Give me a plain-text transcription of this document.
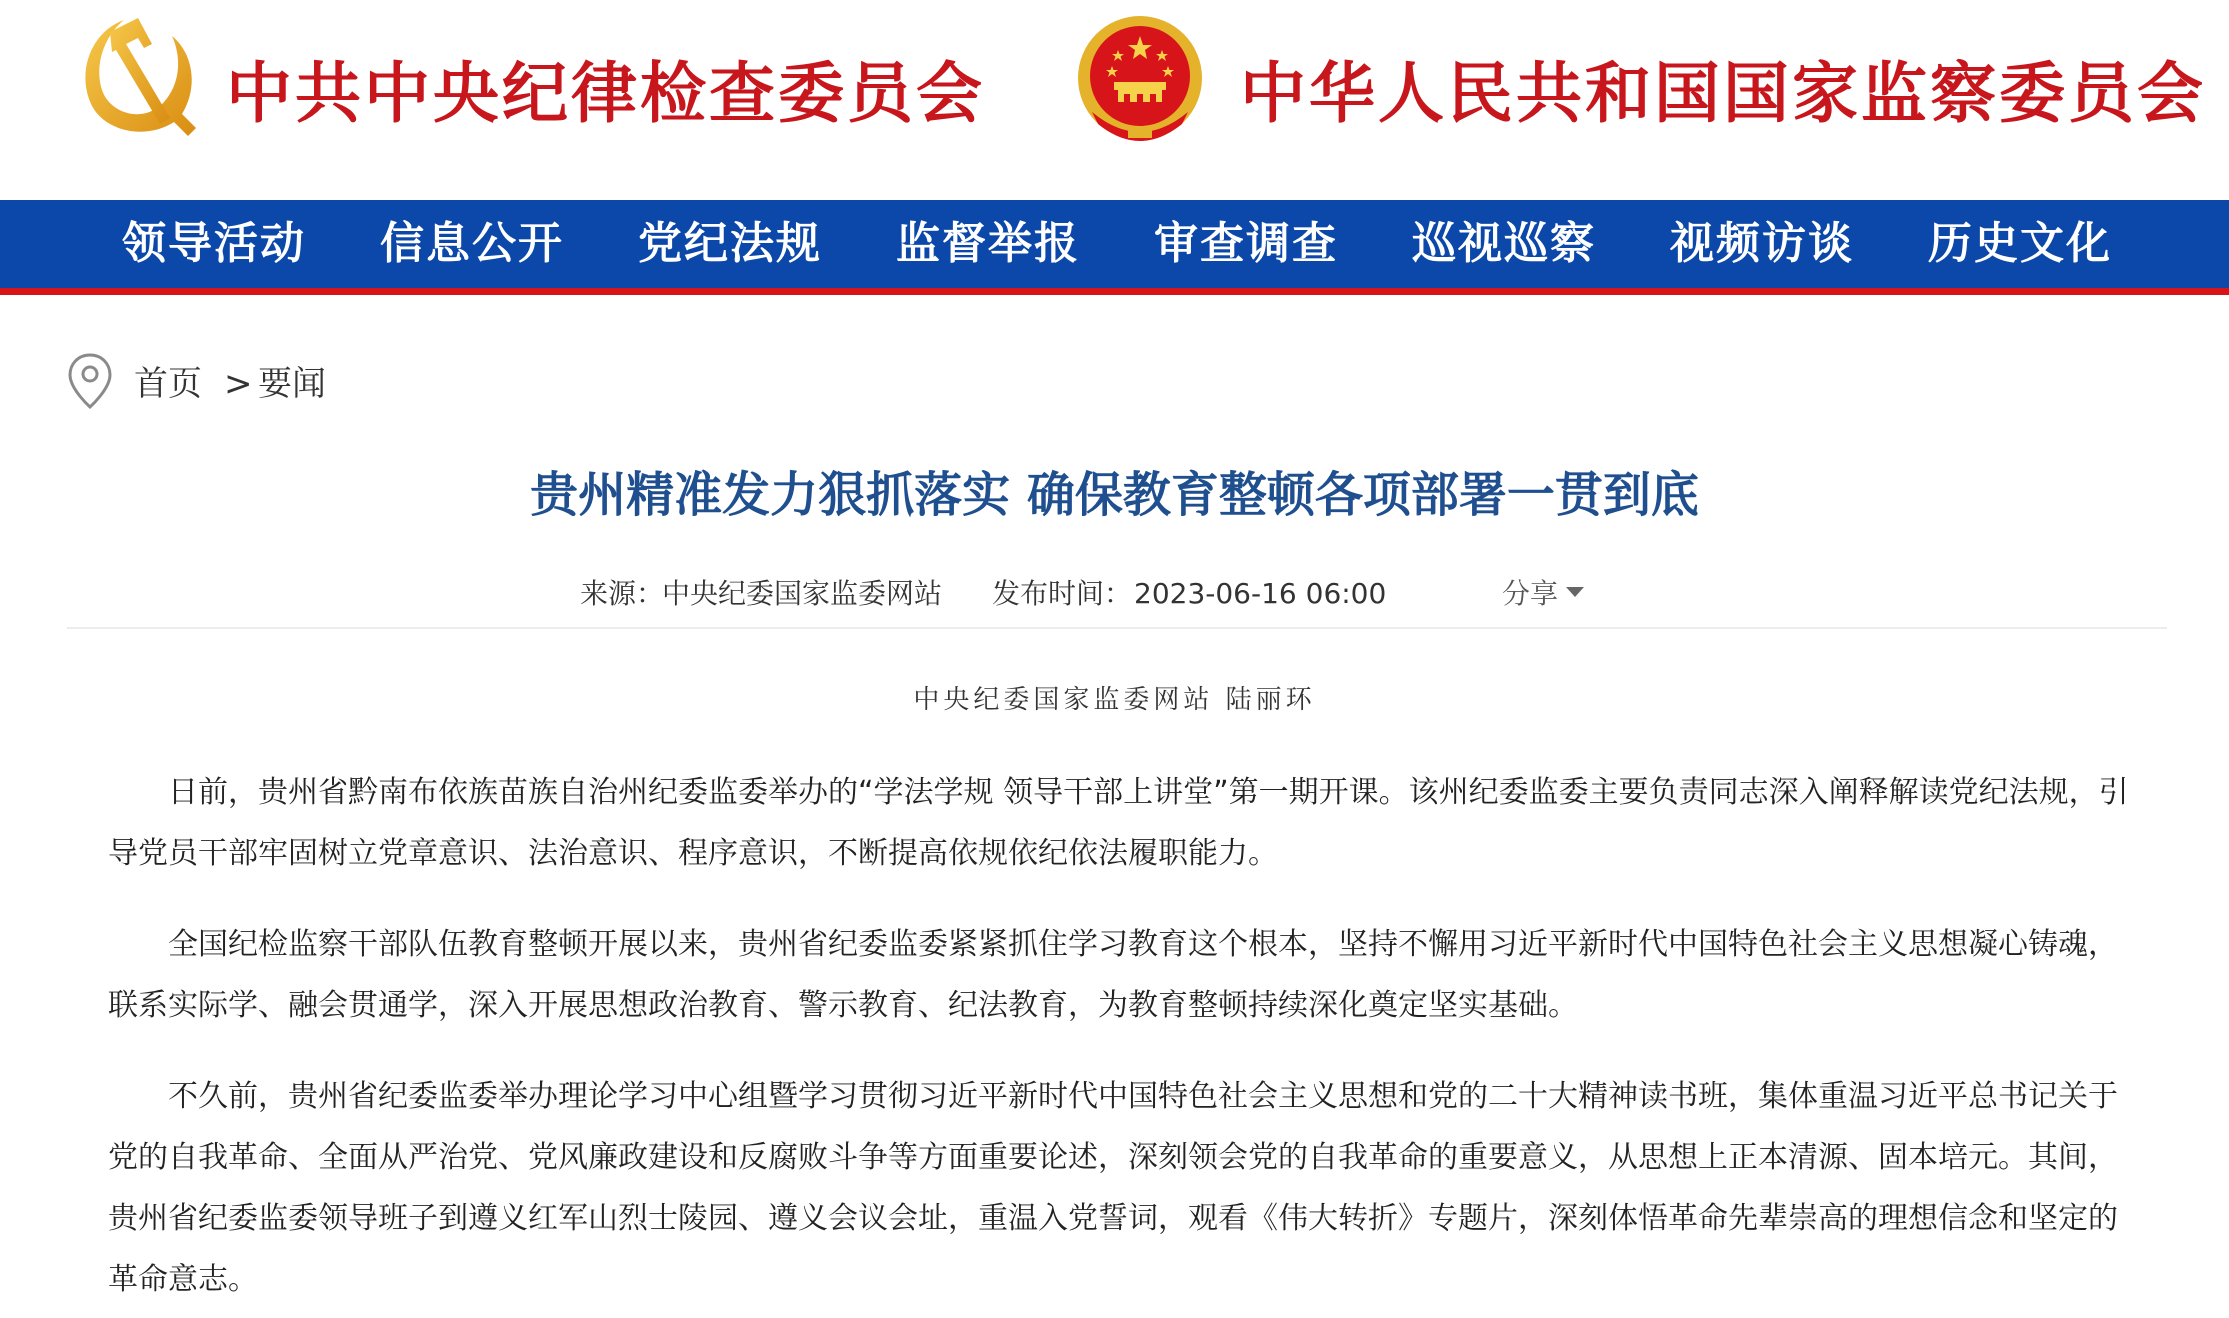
中共中央纪律检查委员会	中华人民共和国国家监察委员会
领导活动 信息公开 党纪法规 监督举报 审查调查 巡视巡察 视频访谈 历史文化
首页 > 要闻
贵州精准发力狠抓落实 确保教育整顿各项部署一贯到底
来源：
中央纪委国家监委网站 发布时间： 2023-06-16 06:00	分享
中央纪委国家监委网站 陆丽环

日前，贵州省黔南布依族苗族自治州纪委监委举办的“学法学规 领导干部上讲堂”第一期开课。该州纪委监委主要负责同志深入阐释解读党纪法规，引导党员干部牢固树立党章意识、法治意识、程序意识，不断提高依规依纪依法履职能力。

全国纪检监察干部队伍教育整顿开展以来，贵州省纪委监委紧紧抓住学习教育这个根本，坚持不懈用习近平新时代中国特色社会主义思想凝心铸魂，联系实际学、融会贯通学，深入开展思想政治教育、警示教育、纪法教育，为教育整顿持续深化奠定坚实基础。

不久前，贵州省纪委监委举办理论学习中心组暨学习贯彻习近平新时代中国特色社会主义思想和党的二十大精神读书班，集体重温习近平总书记关于党的自我革命、全面从严治党、党风廉政建设和反腐败斗争等方面重要论述，深刻领会党的自我革命的重要意义，从思想上正本清源、固本培元。其间，贵州省纪委监委领导班子到遵义红军山烈士陵园、遵义会议会址，重温入党誓词，观看《伟大转折》专题片，深刻体悟革命先辈崇高的理想信念和坚定的革命意志。
